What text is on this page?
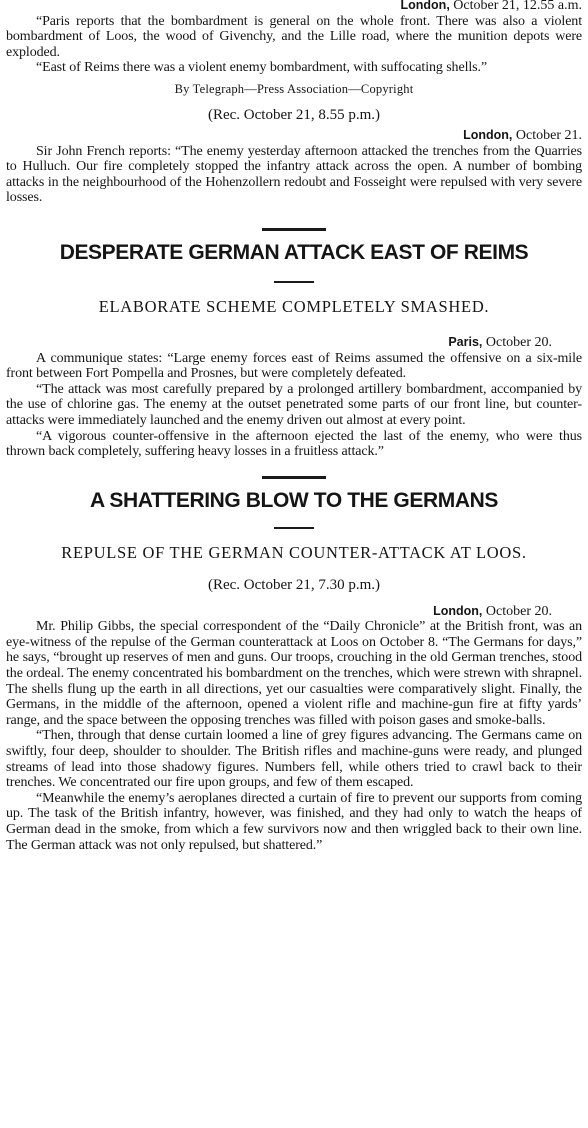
London, October 21, 12.55 a.m.

“Paris reports that the bombardment is general on the whole front. There was also a violent bombardment of Loos, the wood of Givenchy, and the Lille road, where the munition depots were exploded.

“East of Reims there was a violent enemy bombardment, with suffocating shells.”

By Telegraph—Press Association—Copyright

(Rec. October 21, 8.55 p.m.)

London, October 21.

Sir John French reports: “The enemy yesterday afternoon attacked the trenches from the Quarries to Hulluch. Our fire completely stopped the infantry attack across the open. A number of bombing attacks in the neighbourhood of the Hohenzollern redoubt and Fosseight were repulsed with very severe losses.

DESPERATE GERMAN ATTACK EAST OF REIMS

ELABORATE SCHEME COMPLETELY SMASHED.

Paris, October 20.

A communique states: “Large enemy forces east of Reims assumed the offensive on a six-mile front between Fort Pompella and Prosnes, but were completely defeated.

“The attack was most carefully prepared by a prolonged artillery bombardment, accompanied by the use of chlorine gas. The enemy at the outset penetrated some parts of our front line, but counter-attacks were immediately launched and the enemy driven out almost at every point.

“A vigorous counter-offensive in the afternoon ejected the last of the enemy, who were thus thrown back completely, suffering heavy losses in a fruitless attack.”

A SHATTERING BLOW TO THE GERMANS

REPULSE OF THE GERMAN COUNTER-ATTACK AT LOOS.

(Rec. October 21, 7.30 p.m.)

London, October 20.

Mr. Philip Gibbs, the special correspondent of the “Daily Chronicle” at the British front, was an eye-witness of the repulse of the German counterattack at Loos on October 8. “The Germans for days,” he says, “brought up reserves of men and guns. Our troops, crouching in the old German trenches, stood the ordeal. The enemy concentrated his bombardment on the trenches, which were strewn with shrapnel. The shells flung up the earth in all directions, yet our casualties were comparatively slight. Finally, the Germans, in the middle of the afternoon, opened a violent rifle and machine-gun fire at fifty yards’ range, and the space between the opposing trenches was filled with poison gases and smoke-balls.

“Then, through that dense curtain loomed a line of grey figures advancing. The Germans came on swiftly, four deep, shoulder to shoulder. The British rifles and machine-guns were ready, and plunged streams of lead into those shadowy figures. Numbers fell, while others tried to crawl back to their trenches. We concentrated our fire upon groups, and few of them escaped.

“Meanwhile the enemy’s aeroplanes directed a curtain of fire to prevent our supports from coming up. The task of the British infantry, however, was finished, and they had only to watch the heaps of German dead in the smoke, from which a few survivors now and then wriggled back to their own line. The German attack was not only repulsed, but shattered.”
